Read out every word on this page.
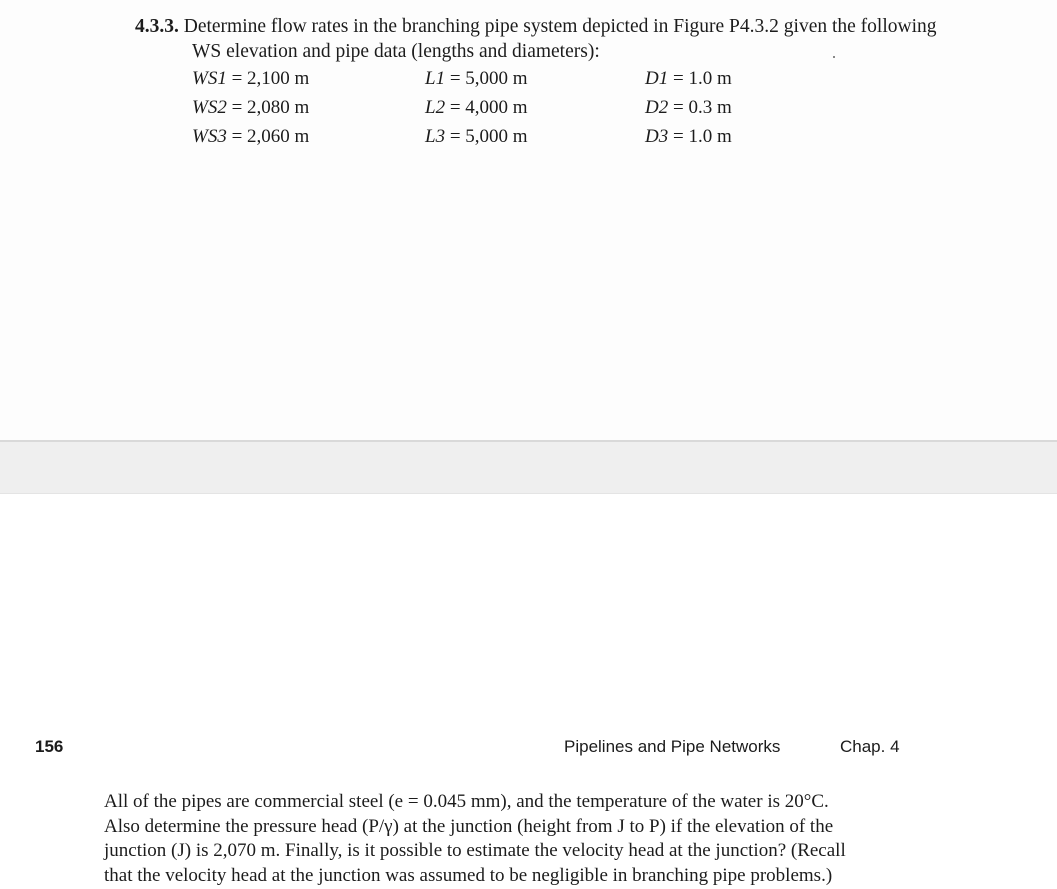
4.3.3. Determine flow rates in the branching pipe system depicted in Figure P4.3.2 given the following
WS elevation and pipe data (lengths and diameters):
WS1 = 2,100 m	L1 = 5,000 m	D1 = 1.0 m
WS2 = 2,080 m	L2 = 4,000 m	D2 = 0.3 m
WS3 = 2,060 m	L3 = 5,000 m	D3 = 1.0 m
156	Pipelines and Pipe Networks	Chap. 4
All of the pipes are commercial steel (e = 0.045 mm), and the temperature of the water is 20°C.
Also determine the pressure head (P/γ) at the junction (height from J to P) if the elevation of the
junction (J) is 2,070 m. Finally, is it possible to estimate the velocity head at the junction? (Recall
that the velocity head at the junction was assumed to be negligible in branching pipe problems.)
